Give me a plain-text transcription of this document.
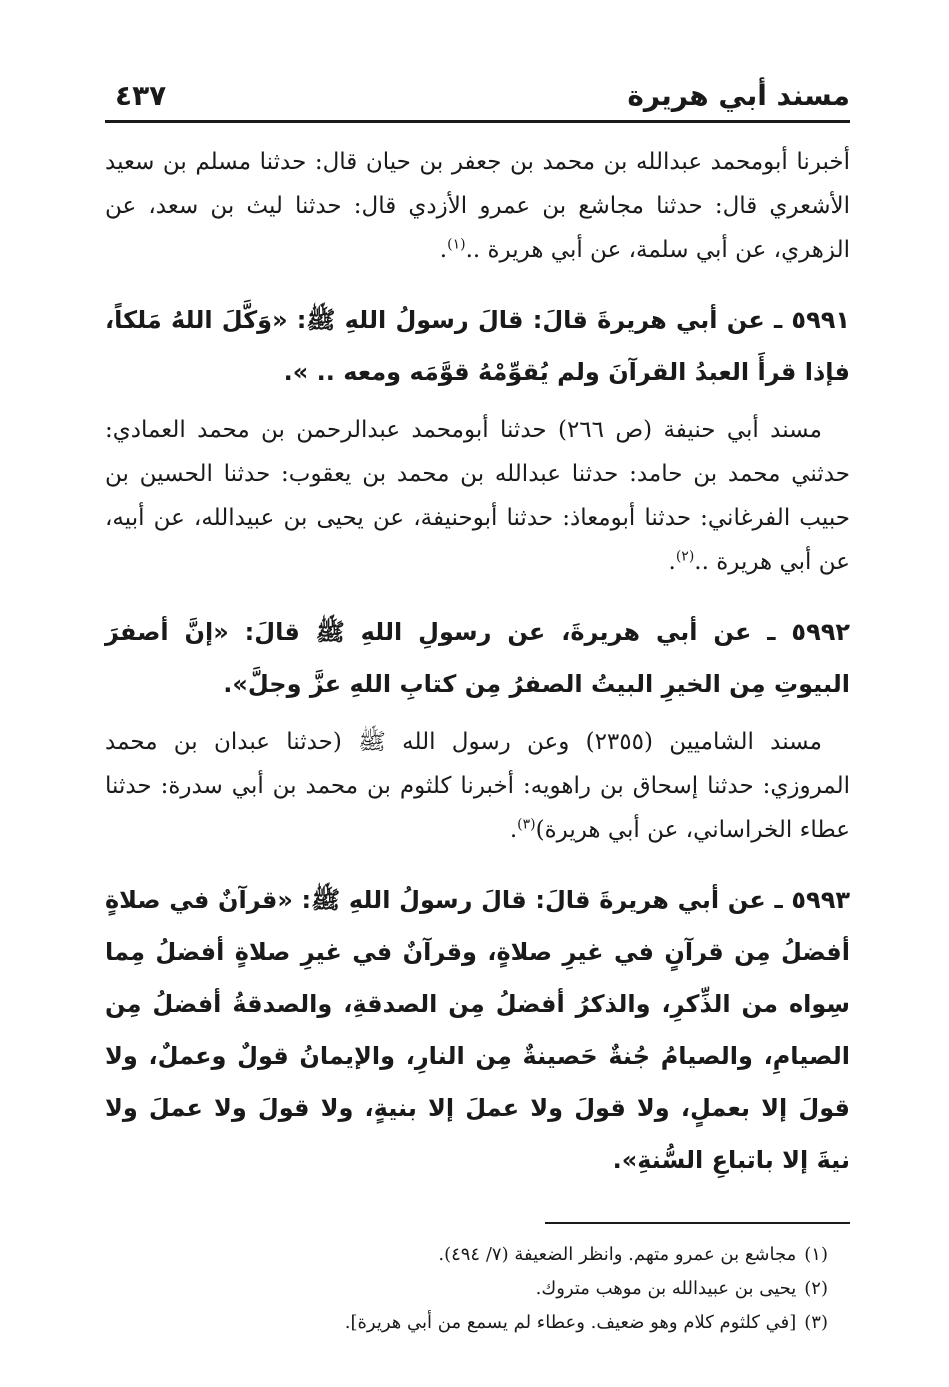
مسند أبي هريرة
٤٣٧

أخبرنا أبومحمد عبدالله بن محمد بن جعفر بن حيان قال: حدثنا مسلم بن سعيد الأشعري قال: حدثنا مجاشع بن عمرو الأزدي قال: حدثنا ليث بن سعد، عن الزهري، عن أبي سلمة، عن أبي هريرة ..$^{(١)}$.

٥٩٩١ ـ عن أبي هريرةَ قالَ: قالَ رسولُ اللهِ ﷺ: «وَكَّلَ اللهُ مَلكاً، فإذا قرأَ العبدُ القرآنَ ولم يُقوِّمْهُ قوَّمَه ومعه .. ».

مسند أبي حنيفة (ص ٢٦٦) حدثنا أبومحمد عبدالرحمن بن محمد العمادي: حدثني محمد بن حامد: حدثنا عبدالله بن محمد بن يعقوب: حدثنا الحسين بن حبيب الفرغاني: حدثنا أبومعاذ: حدثنا أبوحنيفة، عن يحيى بن عبيدالله، عن أبيه، عن أبي هريرة ..$^{(٢)}$.

٥٩٩٢ ـ عن أبي هريرةَ، عن رسولِ اللهِ ﷺ قالَ: «إنَّ أصفرَ البيوتِ مِن الخيرِ البيتُ الصفرُ مِن كتابِ اللهِ عزَّ وجلَّ».

مسند الشاميين (٢٣٥٥) وعن رسول الله ﷺ (حدثنا عبدان بن محمد المروزي: حدثنا إسحاق بن راهويه: أخبرنا كلثوم بن محمد بن أبي سدرة: حدثنا عطاء الخراساني، عن أبي هريرة)$^{(٣)}$.

٥٩٩٣ ـ عن أبي هريرةَ قالَ: قالَ رسولُ اللهِ ﷺ: «قرآنٌ في صلاةٍ أفضلُ مِن قرآنٍ في غيرِ صلاةٍ، وقرآنٌ في غيرِ صلاةٍ أفضلُ مِما سِواه من الذِّكرِ، والذكرُ أفضلُ مِن الصدقةِ، والصدقةُ أفضلُ مِن الصيامِ، والصيامُ جُنةٌ حَصينةٌ مِن النارِ، والإيمانُ قولٌ وعملٌ، ولا قولَ إلا بعملٍ، ولا قولَ ولا عملَ إلا بنيةٍ، ولا قولَ ولا عملَ ولا نيةَ إلا باتباعِ السُّنةِ».

(١)مجاشع بن عمرو متهم. وانظر الضعيفة (٧/ ٤٩٤).

(٢)يحيى بن عبيدالله بن موهب متروك.

(٣)[في كلثوم كلام وهو ضعيف. وعطاء لم يسمع من أبي هريرة].
